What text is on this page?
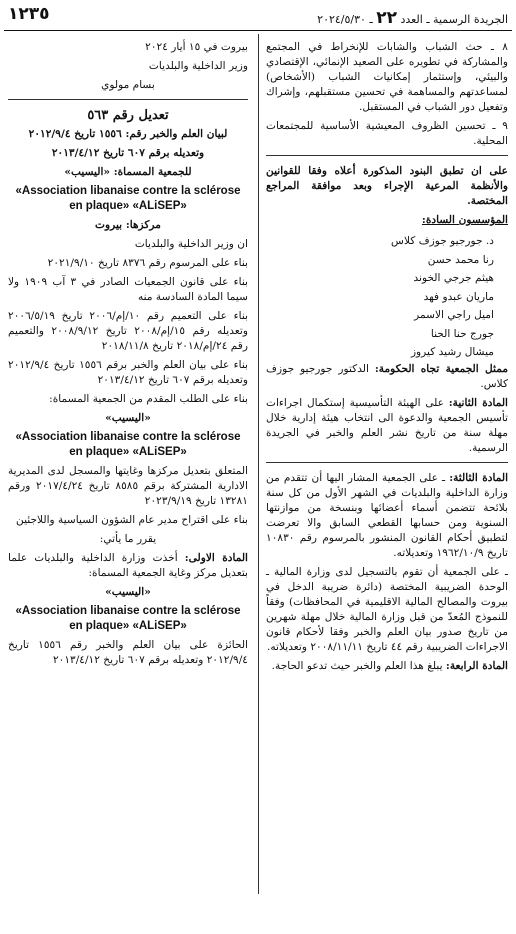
١٢٣٥	الجريدة الرسمية ـ العدد ٢٢ ـ ٢٠٢٤/٥/٣٠

٨ ـ حث الشباب والشابات للإنخراط في المجتمع والمشاركة في تطويره على الصعيد الإنمائي، الإقتصادي والبيئي، وإستثمار إمكانيات الشباب (الأشخاص) لمساعدتهم والمساهمة في تحسين مستقبلهم، وإشراك وتفعيل دور الشباب في المستقبل.

٩ ـ تحسين الظروف المعيشية الأساسية للمجتمعات المحلية.

على ان تطبق البنود المذكورة أعلاه وفقا للقوانين والأنظمة المرعية الإجراء وبعد موافقة المراجع المختصة.

المؤسسون السادة:

د. جورجيو جوزف كلاس

رنا محمد حسن

هيثم جرجي الخوند

ماريان عبدو فهد

اميل راجي الاسمر

جورج حنا الحنا

ميشال رشيد كيروز

ممثل الجمعية تجاه الحكومة: الدكتور جورجيو جوزف كلاس.

المادة الثانية: على الهيئة التأسيسية إستكمال اجراءات تأسيس الجمعية والدعوة الى انتخاب هيئة إدارية خلال مهلة سنة من تاريخ نشر العلم والخبر في الجريدة الرسمية.

المادة الثالثة: ـ على الجمعية المشار اليها أن تتقدم من وزارة الداخلية والبلديات في الشهر الأول من كل سنة بلائحة تتضمن أسماء أعضائها وبنسخة من موازنتها السنوية ومن حسابها القطعي السابق والا تعرضت لتطبيق أحكام القانون المنشور بالمرسوم رقم ١٠٨٣٠ تاريخ ١٩٦٢/١٠/٩ وتعديلاته.

ـ على الجمعية أن تقوم بالتسجيل لدى وزارة المالية ـ الوحدة الضريبية المختصة (دائرة ضريبة الدخل في بيروت والمصالح المالية الاقليمية في المحافظات) وفقاً للنموذج المُعدّ من قبل وزارة المالية خلال مهلة شهرين من تاريخ صدور بيان العلم والخبر وفقا لأحكام قانون الاجراءات الضريبية رقم ٤٤ تاريخ ٢٠٠٨/١١/١١ وتعديلاته.

المادة الرابعة: يبلغ هذا العلم والخبر حيث تدعو الحاجة.

بيروت في ١٥ أيار ٢٠٢٤

وزير الداخلية والبلديات

بسام مولوي

تعديل رقم ٥٦٣

لبيان العلم والخبر رقم: ١٥٥٦ تاريخ ٢٠١٢/٩/٤

وتعديله برقم ٦٠٧ تاريخ ٢٠١٣/٤/١٢

للجمعية المسماة: «اليسيب»

«Association libanaise contre la sclérose en plaque» «ALiSEP»

مركزها: بيروت

ان وزير الداخلية والبلديات

بناء على المرسوم رقم ٨٣٧٦ تاريخ ٢٠٢١/٩/١٠

بناء على قانون الجمعيات الصادر في ٣ آب ١٩٠٩ ولا سيما المادة السادسة منه

بناء على التعميم رقم ١٠/إم/٢٠٠٦ تاريخ ٢٠٠٦/٥/١٩ وتعديله رقم ١٥/إم/٢٠٠٨ تاريخ ٢٠٠٨/٩/١٢ والتعميم رقم ٢٤/إم/٢٠١٨ تاريخ ٢٠١٨/١١/٨

بناء على بيان العلم والخبر برقم ١٥٥٦ تاريخ ٢٠١٢/٩/٤ وتعديله برقم ٦٠٧ تاريخ ٢٠١٣/٤/١٢

بناء على الطلب المقدم من الجمعية المسماة:

«اليسيب»

«Association libanaise contre la sclérose en plaque» «ALiSEP»

المتعلق بتعديل مركزها وغايتها والمسجل لدى المديرية الادارية المشتركة برقم ٨٥٨٥ تاريخ ٢٠١٧/٤/٢٤ ورقم ١٣٢٨١ تاريخ ٢٠٢٣/٩/١٩

بناء على اقتراح مدير عام الشؤون السياسية واللاجئين

يقرر ما يأتي:

المادة الاولى: أخذت وزارة الداخلية والبلديات علما بتعديل مركز وغاية الجمعية المسماة:

«اليسيب»

«Association libanaise contre la sclérose en plaque» «ALiSEP»

الحائزة على بيان العلم والخبر رقم ١٥٥٦ تاريخ ٢٠١٢/٩/٤ وتعديله برقم ٦٠٧ تاريخ ٢٠١٣/٤/١٢
